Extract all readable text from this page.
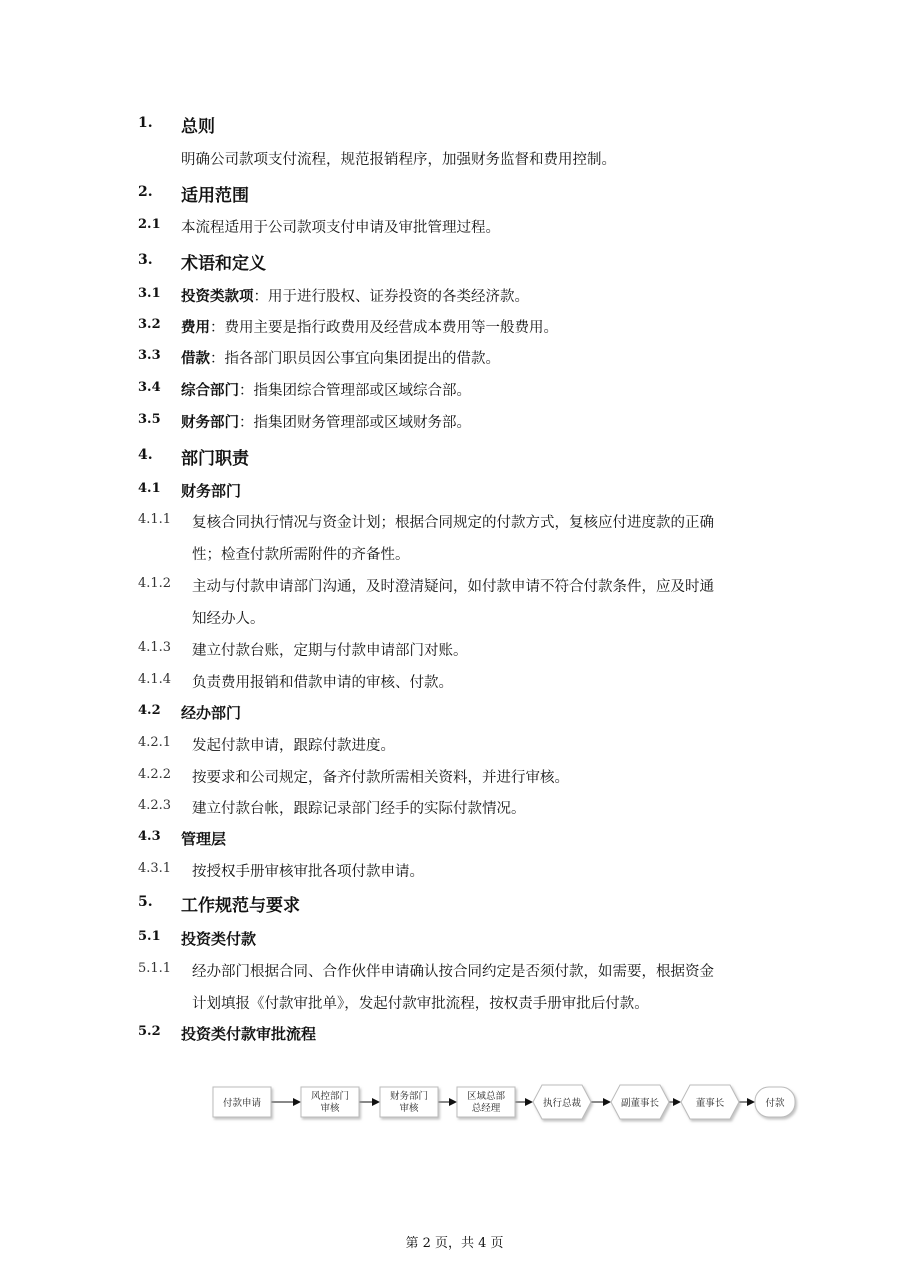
1. 总则
明确公司款项支付流程，规范报销程序，加强财务监督和费用控制。
2. 适用范围
2.1 本流程适用于公司款项支付申请及审批管理过程。
3. 术语和定义
3.1 投资类款项：用于进行股权、证券投资的各类经济款。
3.2 费用：费用主要是指行政费用及经营成本费用等一般费用。
3.3 借款：指各部门职员因公事宜向集团提出的借款。
3.4 综合部门：指集团综合管理部或区域综合部。
3.5 财务部门：指集团财务管理部或区域财务部。
4. 部门职责
4.1 财务部门
4.1.1 复核合同执行情况与资金计划；根据合同规定的付款方式，复核应付进度款的正确
性；检查付款所需附件的齐备性。
4.1.2 主动与付款申请部门沟通，及时澄清疑问，如付款申请不符合付款条件，应及时通
知经办人。
4.1.3 建立付款台账，定期与付款申请部门对账。
4.1.4 负责费用报销和借款申请的审核、付款。
4.2 经办部门
4.2.1 发起付款申请，跟踪付款进度。
4.2.2 按要求和公司规定，备齐付款所需相关资料，并进行审核。
4.2.3 建立付款台帐，跟踪记录部门经手的实际付款情况。
4.3 管理层
4.3.1 按授权手册审核审批各项付款申请。
5. 工作规范与要求
5.1 投资类付款
5.1.1 经办部门根据合同、合作伙伴申请确认按合同约定是否须付款，如需要，根据资金
计划填报《付款审批单》，发起付款审批流程，按权责手册审批后付款。
5.2 投资类付款审批流程
付款申请
风控部门
审核
财务部门
审核
区域总部
总经理	执行总裁	副董事长	董事长	付款
第 2 页，共 4 页
